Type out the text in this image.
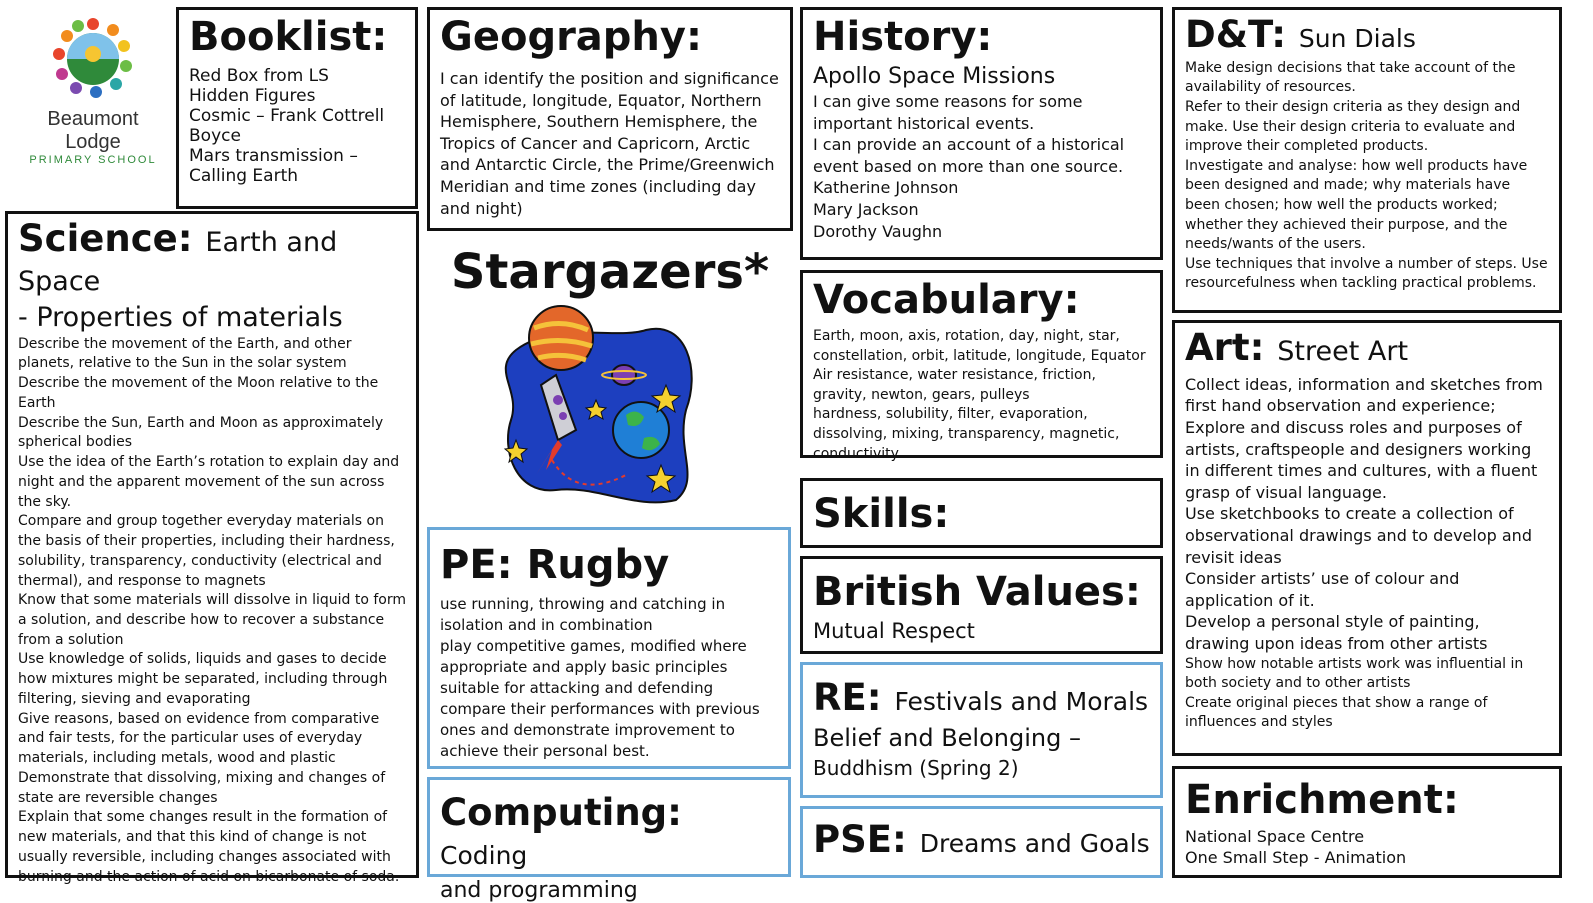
Beaumont Lodge
PRIMARY SCHOOL
Booklist:
Red Box from LS
Hidden Figures
Cosmic – Frank Cottrell Boyce
Mars transmission – Calling Earth
Geography:
I can identify the position and significance of latitude, longitude, Equator, Northern Hemisphere, Southern Hemisphere, the Tropics of Cancer and Capricorn, Arctic and Antarctic Circle, the Prime/Greenwich Meridian and time zones (including day and night)
History:
Apollo Space Missions
I can give some reasons for some important historical events.
I can provide an account of a historical event based on more than one source.
Katherine Johnson
Mary Jackson
Dorothy Vaughn
D&T: Sun Dials
Make design decisions that take account of the availability of resources.
Refer to their design criteria as they design and make. Use their design criteria to evaluate and improve their completed products.
Investigate and analyse: how well products have been designed and made; why materials have been chosen; how well the products worked; whether they achieved their purpose, and the needs/wants of the users.
Use techniques that involve a number of steps. Use resourcefulness when tackling practical problems.
Science: Earth and Space
- Properties of materials
Describe the movement of the Earth, and other planets, relative to the Sun in the solar system
Describe the movement of the Moon relative to the Earth
Describe the Sun, Earth and Moon as approximately spherical bodies
Use the idea of the Earth’s rotation to explain day and night and the apparent movement of the sun across the sky.
Compare and group together everyday materials on the basis of their properties, including their hardness, solubility, transparency, conductivity (electrical and thermal), and response to magnets
Know that some materials will dissolve in liquid to form a solution, and describe how to recover a substance from a solution
Use knowledge of solids, liquids and gases to decide how mixtures might be separated, including through filtering, sieving and evaporating
Give reasons, based on evidence from comparative and fair tests, for the particular uses of everyday materials, including metals, wood and plastic
Demonstrate that dissolving, mixing and changes of state are reversible changes
Explain that some changes result in the formation of new materials, and that this kind of change is not usually reversible, including changes associated with burning and the action of acid on bicarbonate of soda.
Stargazers* Vocabulary:
Earth, moon, axis, rotation, day, night, star, constellation, orbit, latitude, longitude, Equator
Air resistance, water resistance, friction, gravity, newton, gears, pulleys
hardness, solubility, filter, evaporation, dissolving, mixing, transparency, magnetic, conductivity
Art: Street Art
Collect ideas, information and sketches from first hand observation and experience;
Explore and discuss roles and purposes of artists, craftspeople and designers working in different times and cultures, with a fluent grasp of visual language.
Use sketchbooks to create a collection of observational drawings and to develop and revisit ideas
Consider artists’ use of colour and application of it.
Develop a personal style of painting, drawing upon ideas from other artists
Show how notable artists work was influential in both society and to other artists
Create original pieces that show a range of influences and styles
Skills:
PE: Rugby
use running, throwing and catching in isolation and in combination
play competitive games, modified where appropriate and apply basic principles suitable for attacking and defending
compare their performances with previous ones and demonstrate improvement to achieve their personal best.
British Values:
Mutual Respect
RE: Festivals and Morals
Belief and Belonging –
Buddhism (Spring 2)
Computing: Coding
and programming
PSE: Dreams and Goals
Enrichment:
National Space Centre
One Small Step - Animation
